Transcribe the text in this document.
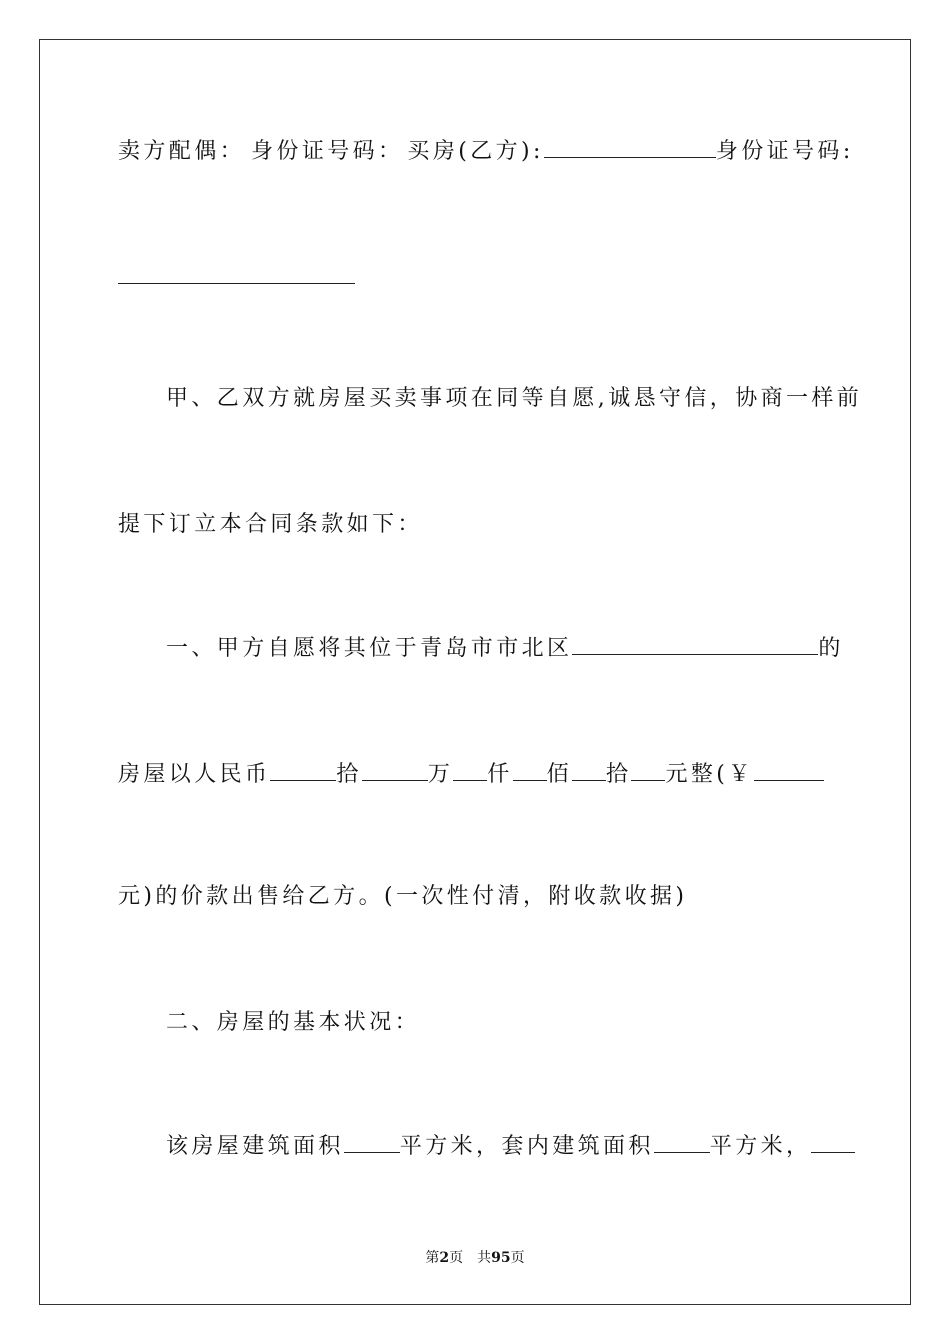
卖方配偶： 身份证号码： 买房(乙方):	身份证号码:
甲、乙双方就房屋买卖事项在同等自愿,诚恳守信，协商一样前
提下订立本合同条款如下：
一、甲方自愿将其位于青岛市市北区	的
房屋以人民币	拾	万 仟 佰 拾 元整(￥
元)的价款出售给乙方。(一次性付清，附收款收据)
二、房屋的基本状况：
该房屋建筑面积	平方米，套内建筑面积	平方米，
第2页 共95页
